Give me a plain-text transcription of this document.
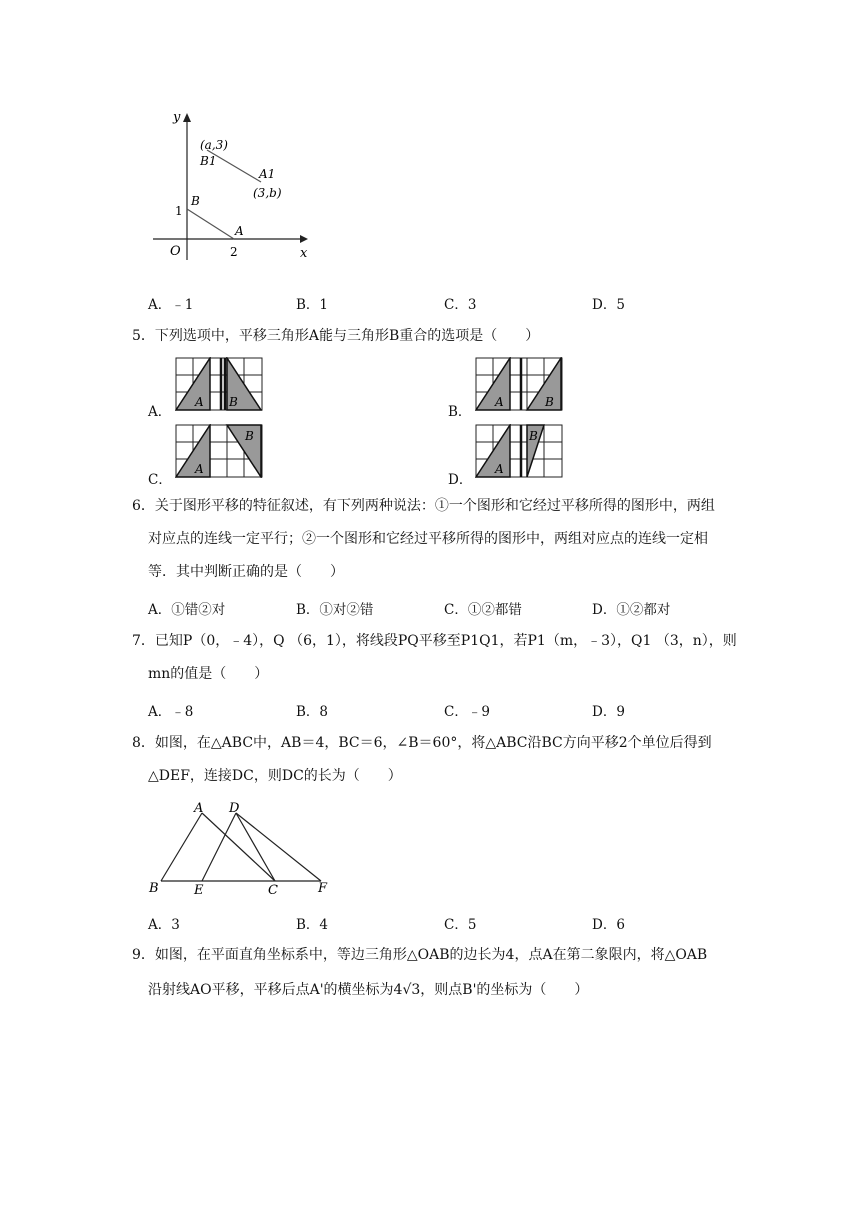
y
x
O
1
2
B
A
(a,3)
B1
A1
(3,b)
A．﹣1	B．1	C．3	D．5
5．下列选项中，平移三角形A能与三角形B重合的选项是（　　）
A．
A B
B．
A	B
C．
A
B
D．
A
B
6．关于图形平移的特征叙述，有下列两种说法：①一个图形和它经过平移所得的图形中，两组
对应点的连线一定平行；②一个图形和它经过平移所得的图形中，两组对应点的连线一定相
等．其中判断正确的是（　　）
A．①错②对	B．①对②错	C．①②都错	D．①②都对
7．已知P（0，﹣4），Q （6，1），将线段PQ平移至P1Q1，若P1（m，﹣3），Q1 （3，n），则
mn的值是（　　）
A．﹣8	B．8	C．﹣9	D．9
8．如图，在△ABC中，AB＝4，BC＝6，∠B＝60°，将△ABC沿BC方向平移2个单位后得到
△DEF，连接DC，则DC的长为（　　）
A D
B	E	C	F
A．3	B．4	C．5	D．6
9．如图，在平面直角坐标系中，等边三角形△OAB的边长为4，点A在第二象限内，将△OAB
沿射线AO平移，平移后点A'的横坐标为4√3，则点B'的坐标为（　　）
